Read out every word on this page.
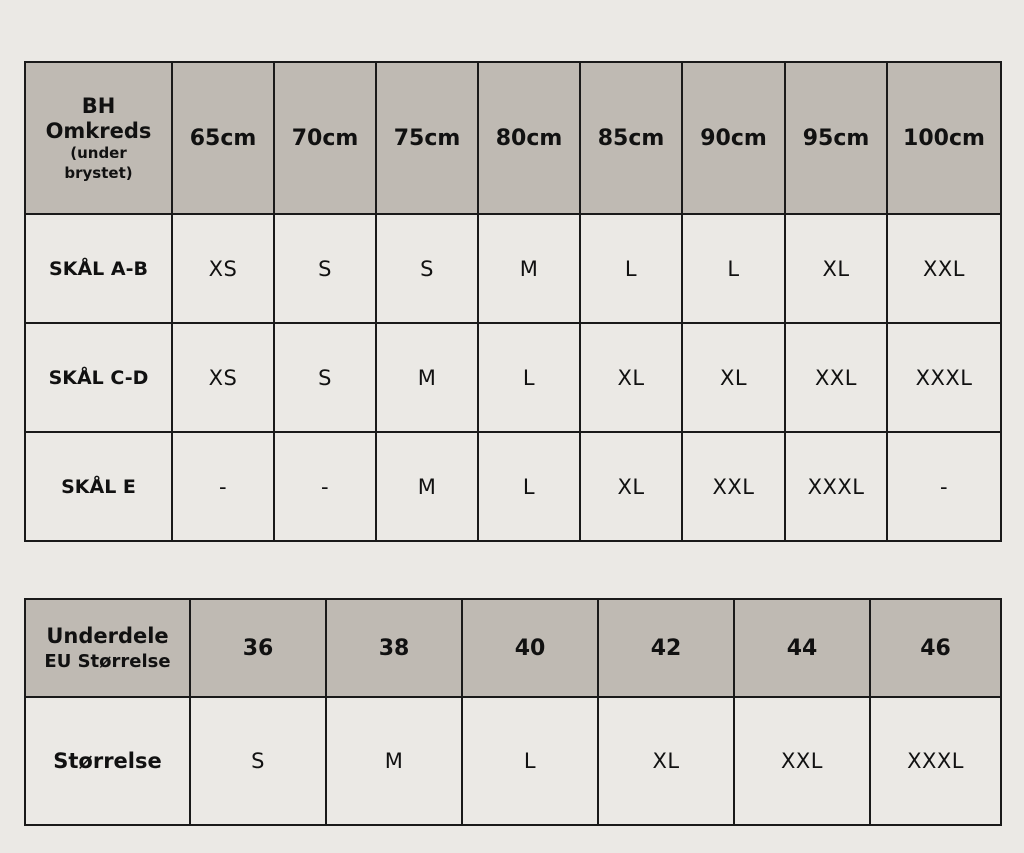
BH
Omkreds
(under brystet)	65cm	70cm	75cm	80cm	85cm	90cm	95cm	100cm
SKÅL A-B	XS	S	S	M	L	L	XL	XXL
SKÅL C-D	XS	S	M	L	XL	XL	XXL	XXXL
SKÅL E	-	-	M	L	XL	XXL	XXXL	-
Underdele
EU Størrelse	36	38	40	42	44	46
Størrelse	S	M	L	XL	XXL	XXXL
